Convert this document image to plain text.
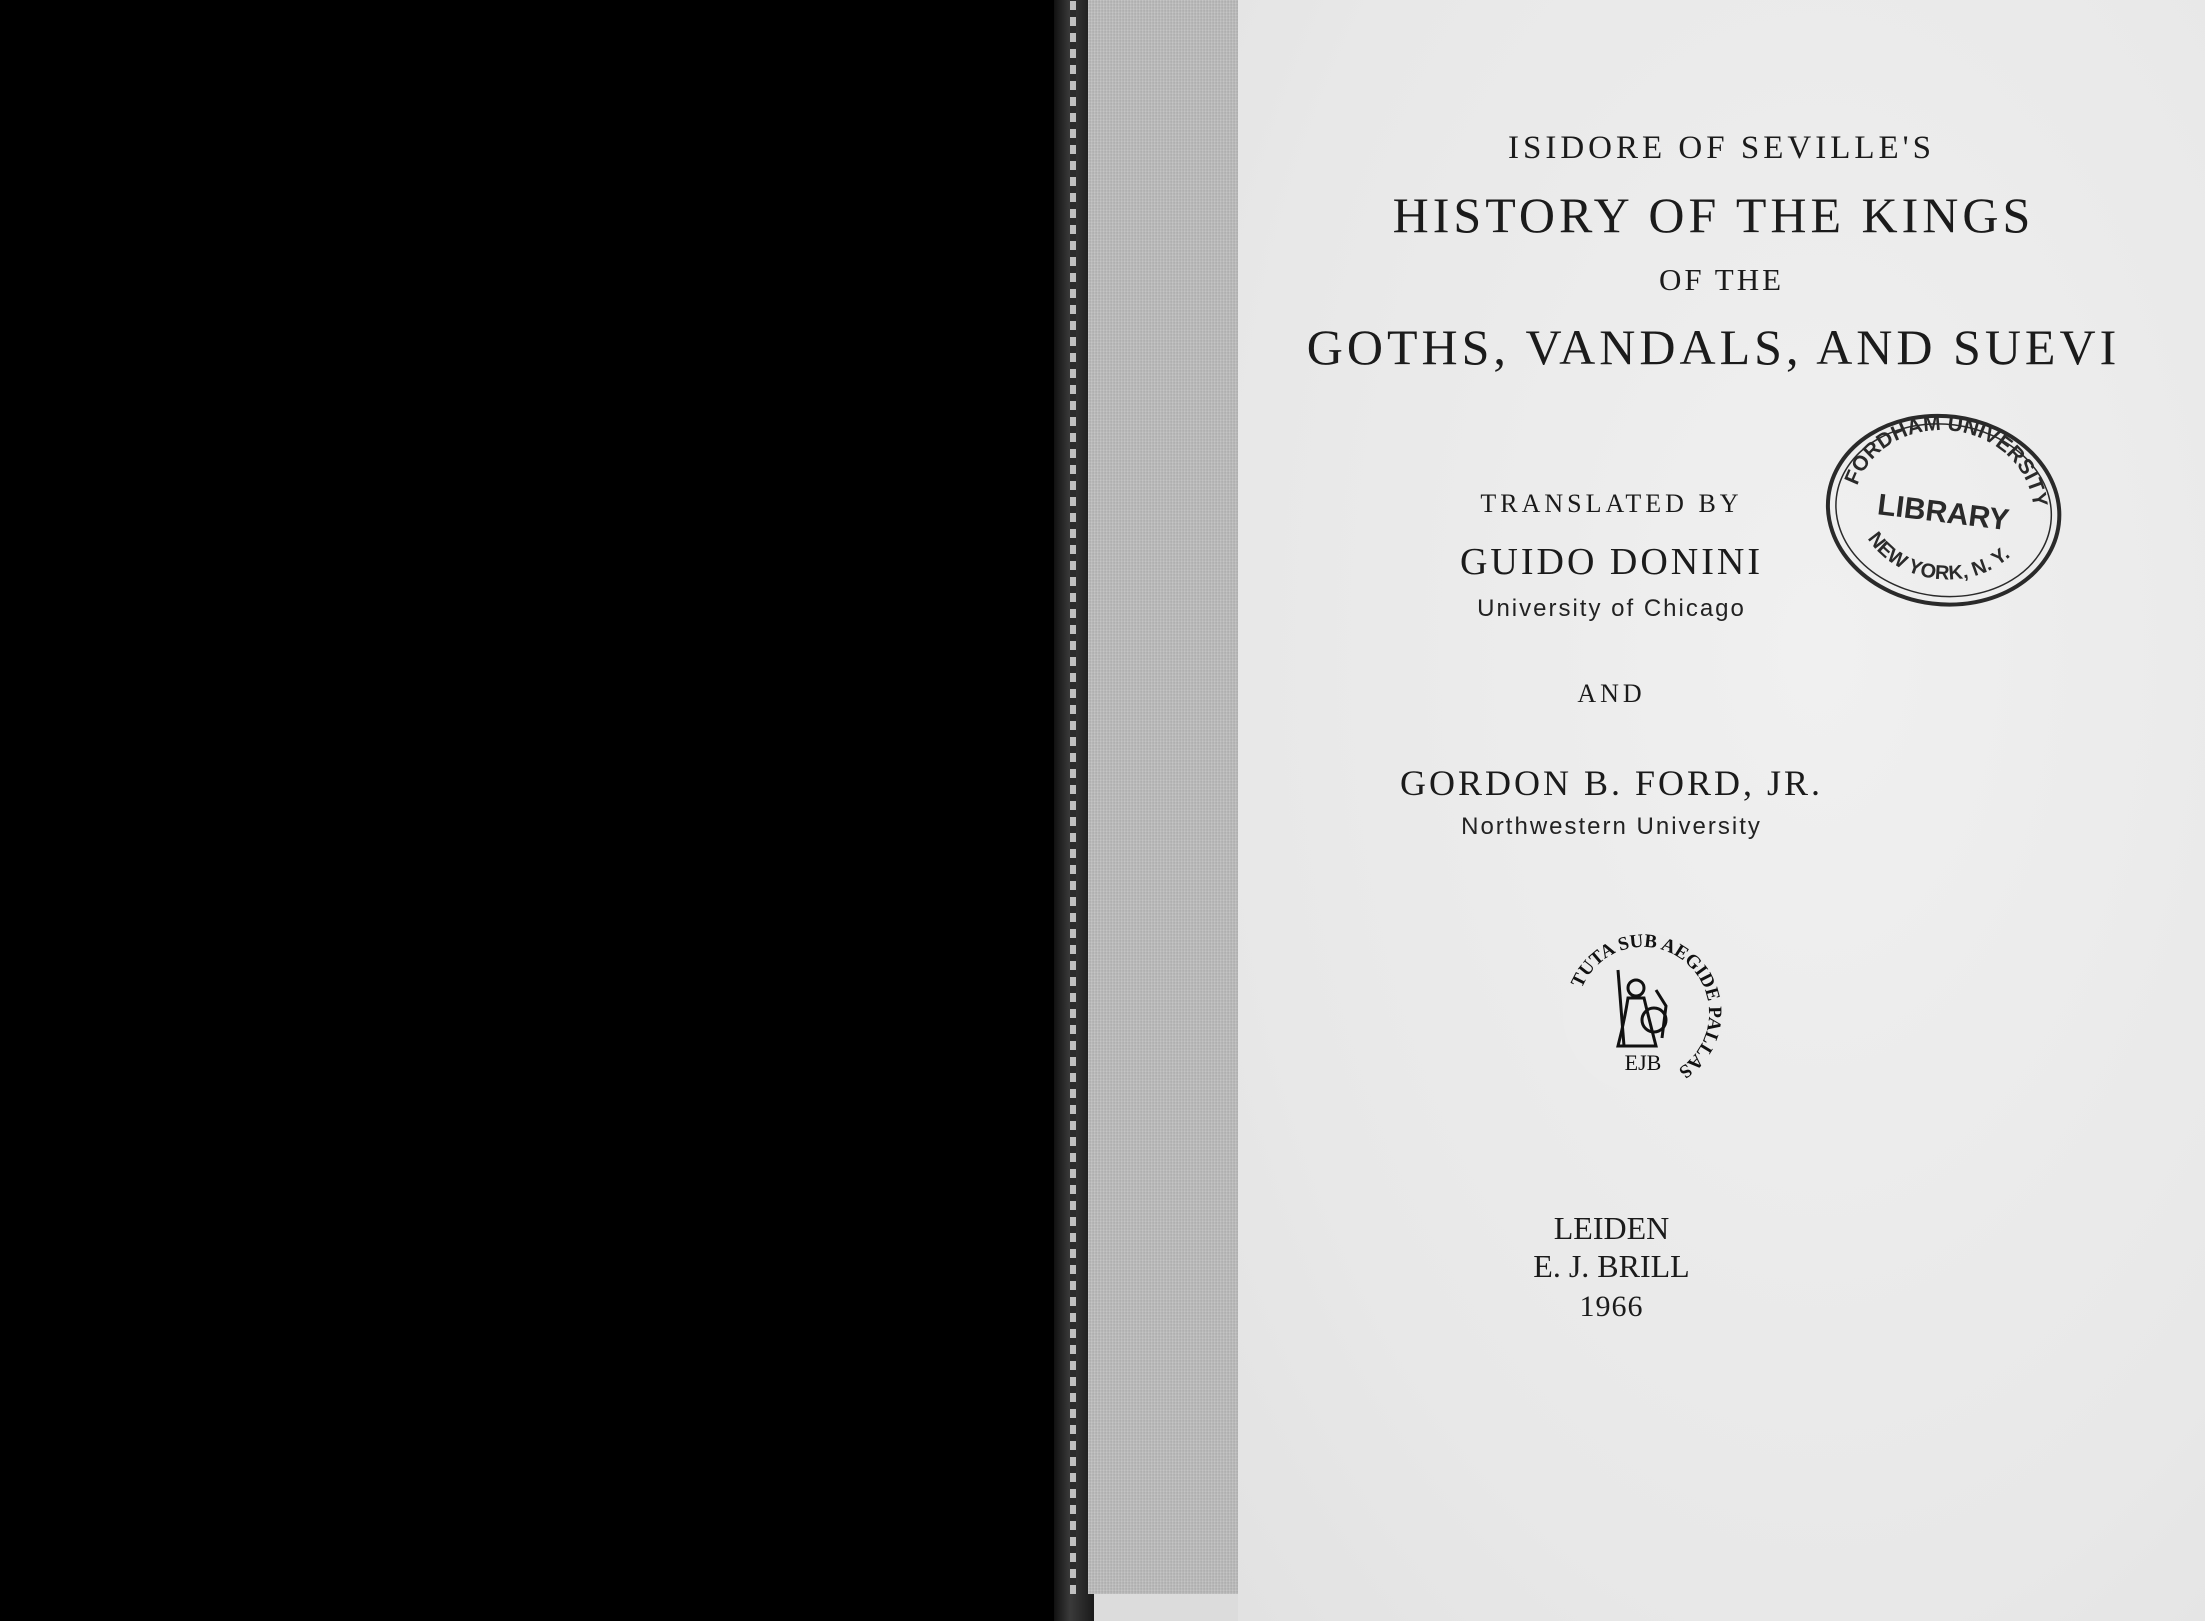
ISIDORE OF SEVILLE'S
HISTORY OF THE KINGS
OF THE
GOTHS, VANDALS, AND SUEVI
TRANSLATED BY
GUIDO DONINI
University of Chicago
AND
GORDON B. FORD, JR.
Northwestern University
FORDHAM UNIVERSITY
LIBRARY
NEW YORK, N. Y.
TUTA SUB AEGIDE PALLAS
EJB
LEIDEN
E. J. BRILL
1966
